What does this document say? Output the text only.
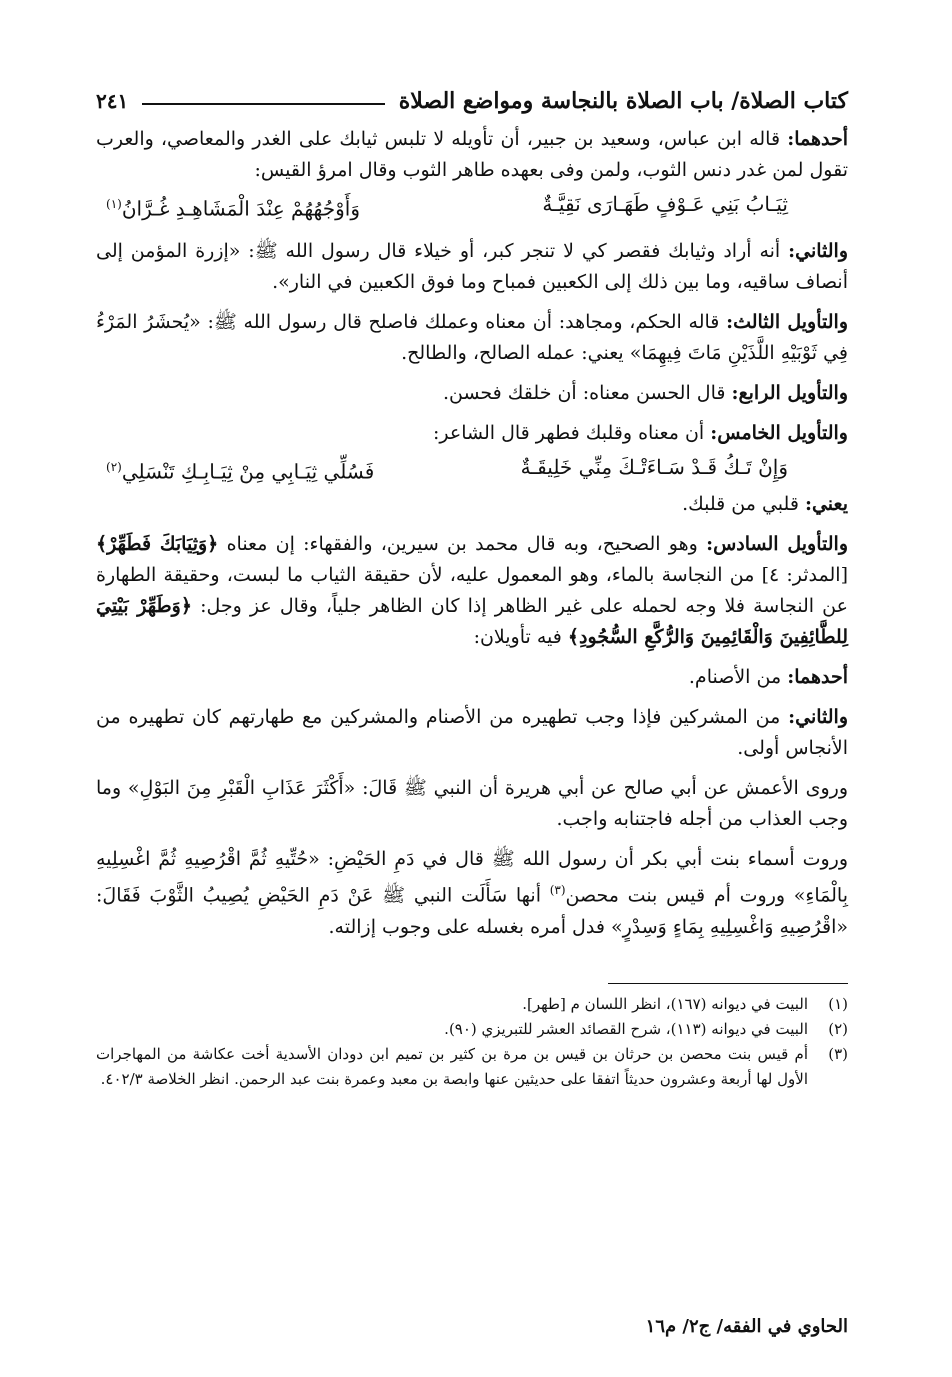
كتاب الصلاة/ باب الصلاة بالنجاسة ومواضع الصلاة
٢٤١

أحدهما: قاله ابن عباس، وسعيد بن جبير، أن تأويله لا تلبس ثيابك على الغدر والمعاصي، والعرب تقول لمن غدر دنس الثوب، ولمن وفى بعهده طاهر الثوب وقال امرؤ القيس:

ثِيَـابُ بَنِي عَـوْفٍ طَهَـارَى نَقِيَّـةٌ
وَأَوْجُهُهُمْ عِنْدَ الْمَشَاهِـدِ غُـرَّانُ$^{(١)}$

والثاني: أنه أراد وثيابك فقصر كي لا تنجر كبر، أو خيلاء قال رسول الله ﷺ: «إزرة المؤمن إلى أنصاف ساقيه، وما بين ذلك إلى الكعبين فمباح وما فوق الكعبين في النار».

والتأويل الثالث: قاله الحكم، ومجاهد: أن معناه وعملك فاصلح قال رسول الله ﷺ: «يُحشَرُ المَرْءُ فِي ثَوْبَيْهِ اللَّذَيْنِ مَاتَ فِيهِمَا» يعني: عمله الصالح، والطالح.

والتأويل الرابع: قال الحسن معناه: أن خلقك فحسن.

والتأويل الخامس: أن معناه وقلبك فطهر قال الشاعر:

وَإِنْ تَـكُ قَـدْ سَـاءَتْـكَ مِنِّي خَلِيقَـةٌ
فَسُلِّي ثِيَـابِي مِنْ ثِيَـابِـكِ تَنْسَلِي$^{(٢)}$

يعني: قلبي من قلبك.

والتأويل السادس: وهو الصحيح، وبه قال محمد بن سيرين، والفقهاء: إن معناه ﴿وَثِيَابَكَ فَطَهِّرْ﴾ [المدثر: ٤] من النجاسة بالماء، وهو المعمول عليه، لأن حقيقة الثياب ما لبست، وحقيقة الطهارة عن النجاسة فلا وجه لحمله على غير الظاهر إذا كان الظاهر جلياً، وقال عز وجل: ﴿وَطَهِّرْ بَيْتِيَ لِلطَّائِفِينَ وَالْقَائِمِينَ وَالرُّكَّعِ السُّجُودِ﴾ فيه تأويلان:

أحدهما: من الأصنام.

والثاني: من المشركين فإذا وجب تطهيره من الأصنام والمشركين مع طهارتهم كان تطهيره من الأنجاس أولى.

وروى الأعمش عن أبي صالح عن أبي هريرة أن النبي ﷺ قَالَ: «أَكْثَرَ عَذَابِ الْقَبْرِ مِنَ البَوْلِ» وما وجب العذاب من أجله فاجتنابه واجب.

وروت أسماء بنت أبي بكر أن رسول الله ﷺ قال في دَمِ الحَيْضِ: «حُتِّيهِ ثُمَّ اقْرُصِيهِ ثُمَّ اغْسِلِيهِ بِالْمَاءِ» وروت أم قيس بنت محصن$^{(٣)}$ أنها سَأَلَت النبي ﷺ عَنْ دَمِ الحَيْضِ يُصِيبُ الثَّوْبَ فَقَالَ: «اقْرُصِيهِ وَاغْسِلِيهِ بِمَاءٍ وَسِدْرٍ» فدل أمره بغسله على وجوب إزالته.

(١)
البيت في ديوانه (١٦٧)، انظر اللسان م [طهر].
(٢)
البيت في ديوانه (١١٣)، شرح القصائد العشر للتبريزي (٩٠).
(٣)
أم قيس بنت محصن بن حرثان بن قيس بن مرة بن كثير بن تميم ابن دودان الأسدية أخت عكاشة من المهاجرات الأول لها أربعة وعشرون حديثاً اتفقا على حديثين عنها وابصة بن معبد وعمرة بنت عبد الرحمن. انظر الخلاصة ٤٠٢/٣.
الحاوي في الفقه/ ج٢/ م١٦
